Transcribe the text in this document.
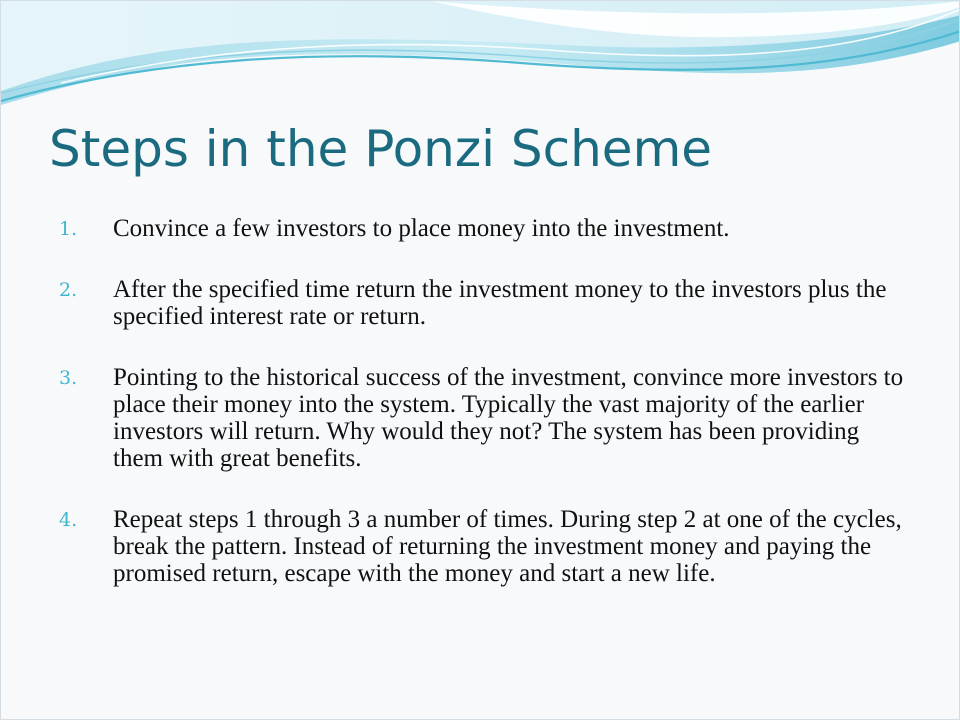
Steps in the Ponzi Scheme
1.	Convince a few investors to place money into the investment.
2.	After the specified time return the investment money to the investors plus the specified interest rate or return.
3.	Pointing to the historical success of the investment, convince more investors to place their money into the system. Typically the vast majority of the earlier investors will return. Why would they not? The system has been providing them with great benefits.
4.	Repeat steps 1 through 3 a number of times. During step 2 at one of the cycles, break the pattern. Instead of returning the investment money and paying the promised return, escape with the money and start a new life.
